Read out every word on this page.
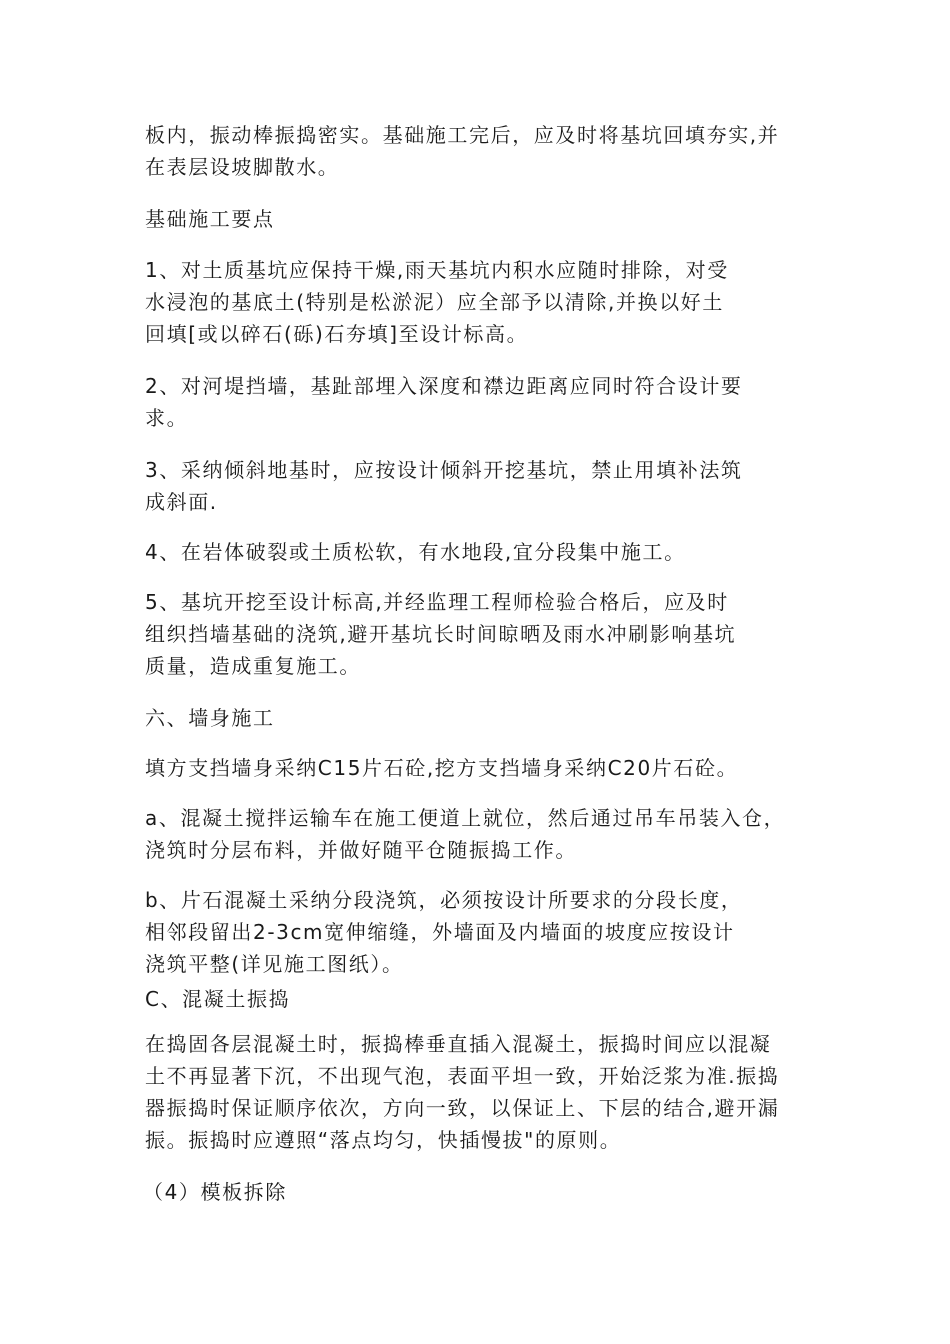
板内，振动棒振捣密实。基础施工完后，应及时将基坑回填夯实,并
在表层设坡脚散水。

基础施工要点

1、对土质基坑应保持干燥,雨天基坑内积水应随时排除，对受
水浸泡的基底土(特别是松淤泥）应全部予以清除,并换以好土
回填[或以碎石(砾)石夯填]至设计标高。

2、对河堤挡墙，基趾部埋入深度和襟边距离应同时符合设计要
求。

3、采纳倾斜地基时，应按设计倾斜开挖基坑，禁止用填补法筑
成斜面.

4、在岩体破裂或土质松软，有水地段,宜分段集中施工。

5、基坑开挖至设计标高,并经监理工程师检验合格后，应及时
组织挡墙基础的浇筑,避开基坑长时间晾晒及雨水冲刷影响基坑
质量，造成重复施工。

六、墙身施工

填方支挡墙身采纳C15片石砼,挖方支挡墙身采纳C20片石砼。

a、混凝土搅拌运输车在施工便道上就位，然后通过吊车吊装入仓，
浇筑时分层布料，并做好随平仓随振捣工作。

b、片石混凝土采纳分段浇筑，必须按设计所要求的分段长度，
相邻段留出2-3cm宽伸缩缝，外墙面及内墙面的坡度应按设计
浇筑平整(详见施工图纸）。

C、混凝土振捣

在捣固各层混凝土时，振捣棒垂直插入混凝土，振捣时间应以混凝
土不再显著下沉，不出现气泡，表面平坦一致，开始泛浆为准.振捣
器振捣时保证顺序依次，方向一致，以保证上、下层的结合,避开漏
振。振捣时应遵照“落点均匀，快插慢拔"的原则。

（4）模板拆除
